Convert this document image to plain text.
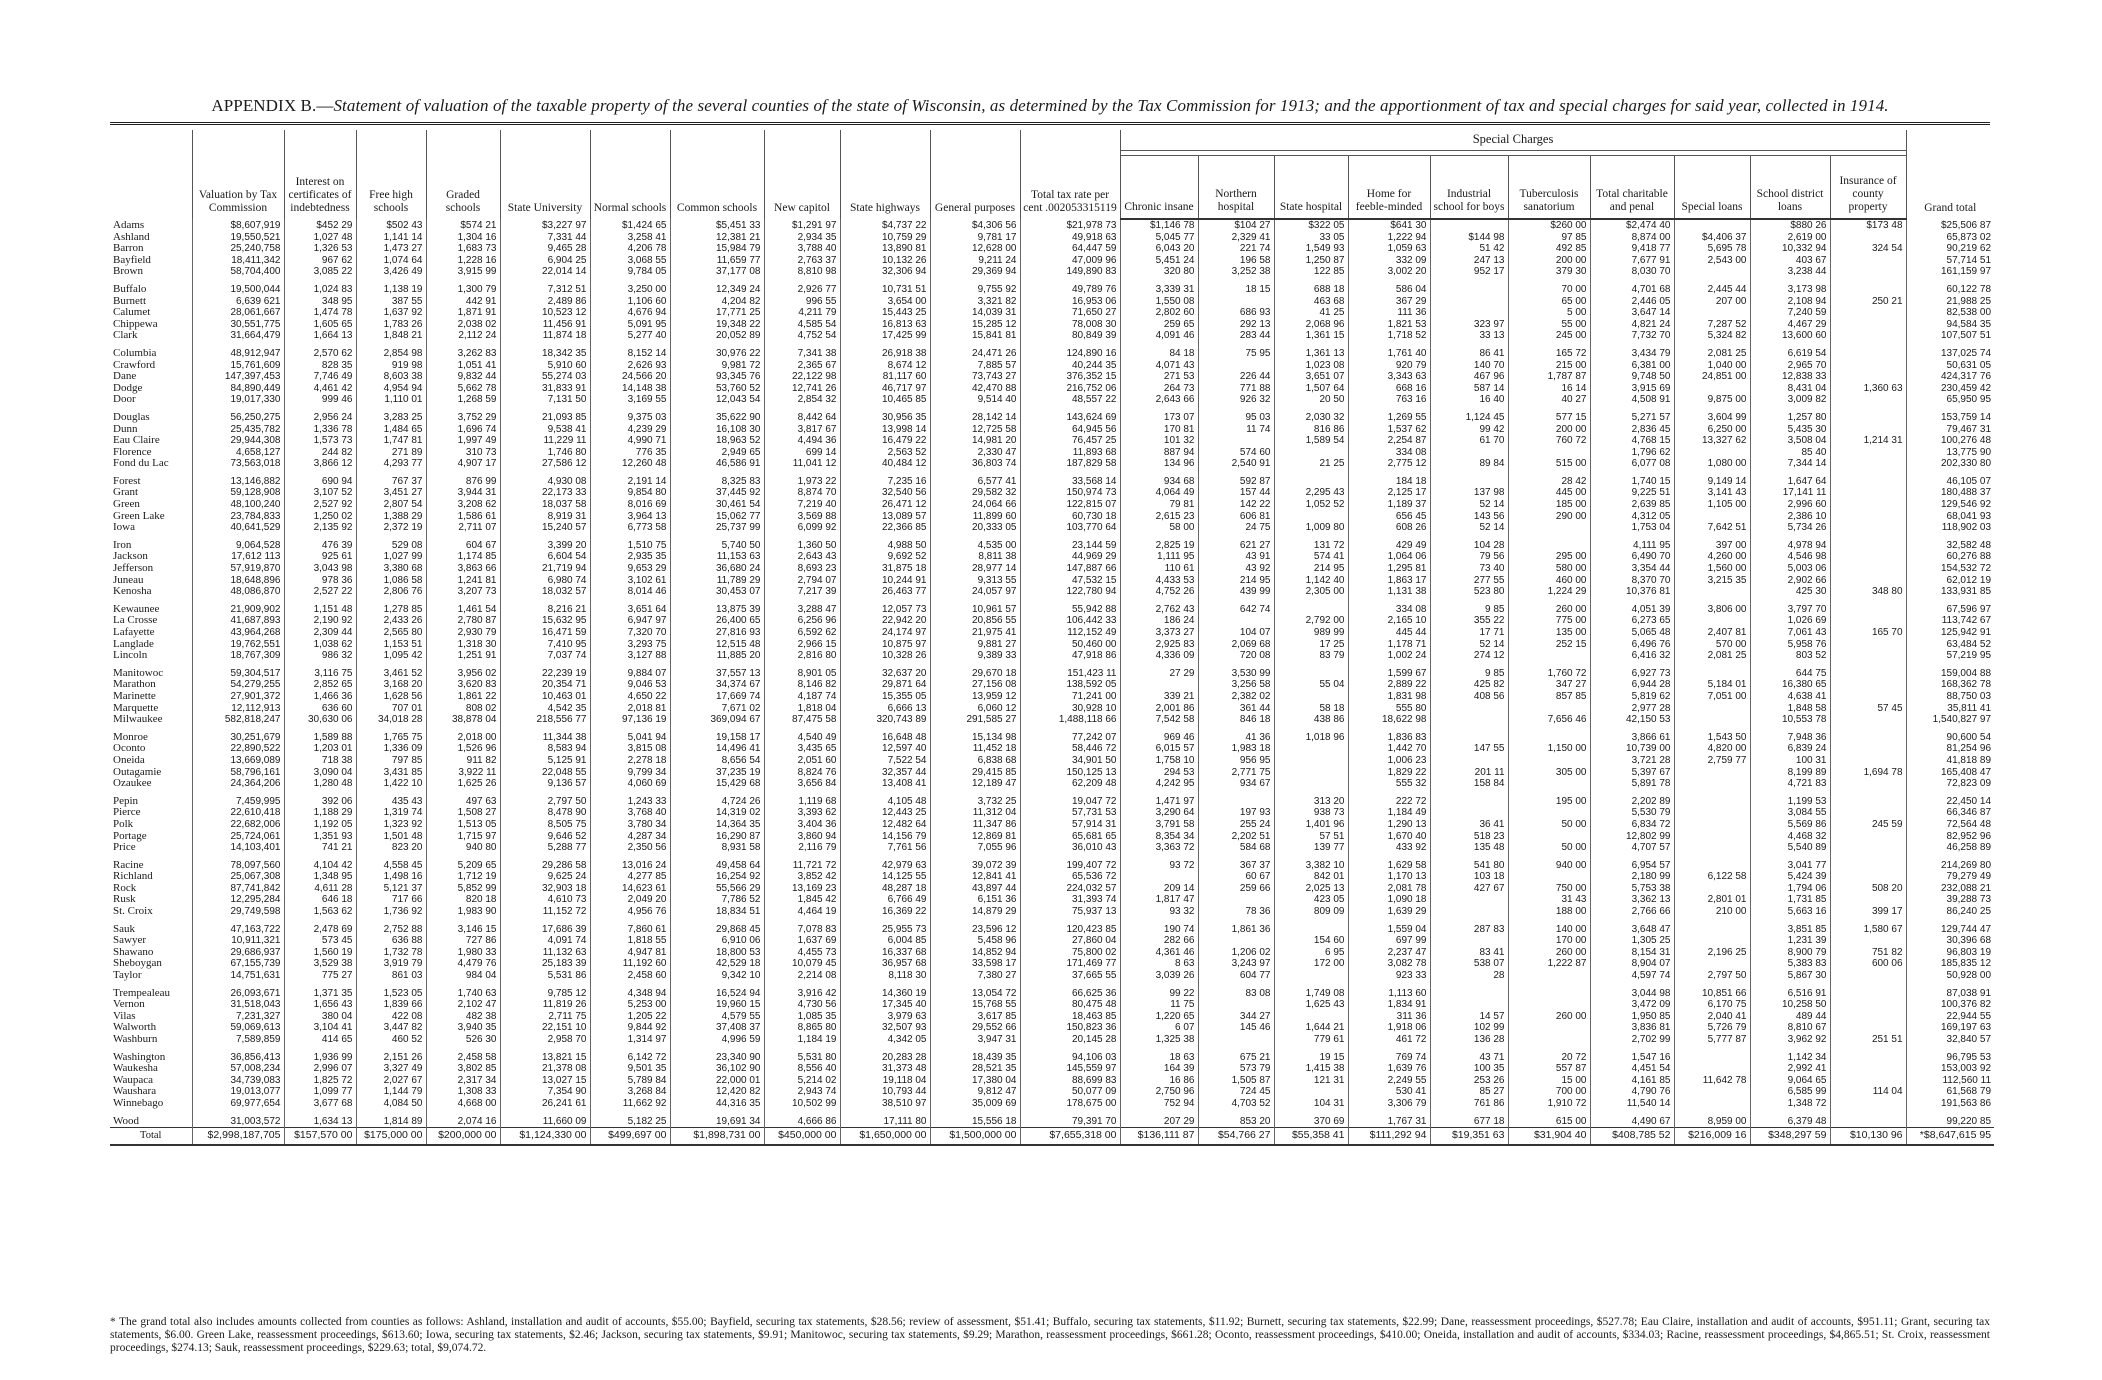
APPENDIX B.—Statement of valuation of the taxable property of the several counties of the state of Wisconsin, as determined by the Tax Commission for 1913; and the apportionment of tax and special charges for said year, collected in 1914.
	Valuation by Tax Commission	Interest on certificates of indebtedness	Free high schools	Graded schools	State University	Normal schools	Common schools	New capitol	State highways	General purposes	Total tax rate per cent .002053315119	Special Charges										Grand total

												Chronic insane	Northern hospital	State hospital	Home for feeble-minded	Industrial school for boys	Tuberculosis sanatorium	Total charitable and penal	Special loans	School district loans	Insurance of county property	
Adams	$8,607,919	$452 29	$502 43	$574 21	$3,227 97	$1,424 65	$5,451 33	$1,291 97	$4,737 22	$4,306 56	$21,978 73	$1,146 78	$104 27	$322 05	$641 30		$260 00	$2,474 40		$880 26	$173 48	$25,506 87
Ashland	19,550,521	1,027 48	1,141 14	1,304 16	7,331 44	3,258 41	12,381 21	2,934 35	10,759 29	9,781 17	49,918 63	5,045 77	2,329 41	33 05	1,222 94	$144 98	97 85	8,874 00	$4,406 37	2,619 00		65,873 02
Barron	25,240,758	1,326 53	1,473 27	1,683 73	9,465 28	4,206 78	15,984 79	3,788 40	13,890 81	12,628 00	64,447 59	6,043 20	221 74	1,549 93	1,059 63	51 42	492 85	9,418 77	5,695 78	10,332 94	324 54	90,219 62
Bayfield	18,411,342	967 62	1,074 64	1,228 16	6,904 25	3,068 55	11,659 77	2,763 37	10,132 26	9,211 24	47,009 96	5,451 24	196 58	1,250 87	332 09	247 13	200 00	7,677 91	2,543 00	403 67		57,714 51
Brown	58,704,400	3,085 22	3,426 49	3,915 99	22,014 14	9,784 05	37,177 08	8,810 98	32,306 94	29,369 94	149,890 83	320 80	3,252 38	122 85	3,002 20	952 17	379 30	8,030 70		3,238 44		161,159 97

Buffalo	19,500,044	1,024 83	1,138 19	1,300 79	7,312 51	3,250 00	12,349 24	2,926 77	10,731 51	9,755 92	49,789 76	3,339 31	18 15	688 18	586 04		70 00	4,701 68	2,445 44	3,173 98		60,122 78
Burnett	6,639 621	348 95	387 55	442 91	2,489 86	1,106 60	4,204 82	996 55	3,654 00	3,321 82	16,953 06	1,550 08		463 68	367 29		65 00	2,446 05	207 00	2,108 94	250 21	21,988 25
Calumet	28,061,667	1,474 78	1,637 92	1,871 91	10,523 12	4,676 94	17,771 25	4,211 79	15,443 25	14,039 31	71,650 27	2,802 60	686 93	41 25	111 36		5 00	3,647 14		7,240 59		82,538 00
Chippewa	30,551,775	1,605 65	1,783 26	2,038 02	11,456 91	5,091 95	19,348 22	4,585 54	16,813 63	15,285 12	78,008 30	259 65	292 13	2,068 96	1,821 53	323 97	55 00	4,821 24	7,287 52	4,467 29		94,584 35
Clark	31,664,479	1,664 13	1,848 21	2,112 24	11,874 18	5,277 40	20,052 89	4,752 54	17,425 99	15,841 81	80,849 39	4,091 46	283 44	1,361 15	1,718 52	33 13	245 00	7,732 70	5,324 82	13,600 60		107,507 51

Columbia	48,912,947	2,570 62	2,854 98	3,262 83	18,342 35	8,152 14	30,976 22	7,341 38	26,918 38	24,471 26	124,890 16	84 18	75 95	1,361 13	1,761 40	86 41	165 72	3,434 79	2,081 25	6,619 54		137,025 74
Crawford	15,761,609	828 35	919 98	1,051 41	5,910 60	2,626 93	9,981 72	2,365 67	8,674 12	7,885 57	40,244 35	4,071 43		1,023 08	920 79	140 70	215 00	6,381 00	1,040 00	2,965 70		50,631 05
Dane	147,397,453	7,746 49	8,603 38	9,832 44	55,274 03	24,566 20	93,345 76	22,122 98	81,117 60	73,743 27	376,352 15	271 53	226 44	3,651 07	3,343 63	467 96	1,787 87	9,748 50	24,851 00	12,838 33		424,317 76
Dodge	84,890,449	4,461 42	4,954 94	5,662 78	31,833 91	14,148 38	53,760 52	12,741 26	46,717 97	42,470 88	216,752 06	264 73	771 88	1,507 64	668 16	587 14	16 14	3,915 69		8,431 04	1,360 63	230,459 42
Door	19,017,330	999 46	1,110 01	1,268 59	7,131 50	3,169 55	12,043 54	2,854 32	10,465 85	9,514 40	48,557 22	2,643 66	926 32	20 50	763 16	16 40	40 27	4,508 91	9,875 00	3,009 82		65,950 95

Douglas	56,250,275	2,956 24	3,283 25	3,752 29	21,093 85	9,375 03	35,622 90	8,442 64	30,956 35	28,142 14	143,624 69	173 07	95 03	2,030 32	1,269 55	1,124 45	577 15	5,271 57	3,604 99	1,257 80		153,759 14
Dunn	25,435,782	1,336 78	1,484 65	1,696 74	9,538 41	4,239 29	16,108 30	3,817 67	13,998 14	12,725 58	64,945 56	170 81	11 74	816 86	1,537 62	99 42	200 00	2,836 45	6,250 00	5,435 30		79,467 31
Eau Claire	29,944,308	1,573 73	1,747 81	1,997 49	11,229 11	4,990 71	18,963 52	4,494 36	16,479 22	14,981 20	76,457 25	101 32		1,589 54	2,254 87	61 70	760 72	4,768 15	13,327 62	3,508 04	1,214 31	100,276 48
Florence	4,658,127	244 82	271 89	310 73	1,746 80	776 35	2,949 65	699 14	2,563 52	2,330 47	11,893 68	887 94	574 60		334 08			1,796 62		85 40		13,775 90
Fond du Lac	73,563,018	3,866 12	4,293 77	4,907 17	27,586 12	12,260 48	46,586 91	11,041 12	40,484 12	36,803 74	187,829 58	134 96	2,540 91	21 25	2,775 12	89 84	515 00	6,077 08	1,080 00	7,344 14		202,330 80

Forest	13,146,882	690 94	767 37	876 99	4,930 08	2,191 14	8,325 83	1,973 22	7,235 16	6,577 41	33,568 14	934 68	592 87		184 18		28 42	1,740 15	9,149 14	1,647 64		46,105 07
Grant	59,128,908	3,107 52	3,451 27	3,944 31	22,173 33	9,854 80	37,445 92	8,874 70	32,540 56	29,582 32	150,974 73	4,064 49	157 44	2,295 43	2,125 17	137 98	445 00	9,225 51	3,141 43	17,141 11		180,488 37
Green	48,100,240	2,527 92	2,807 54	3,208 62	18,037 58	8,016 69	30,461 54	7,219 40	26,471 12	24,064 66	122,815 07	79 81	142 22	1,052 52	1,189 37	52 14	185 00	2,639 85	1,105 00	2,996 60		129,546 92
Green Lake	23,784,833	1,250 02	1,388 29	1,586 61	8,919 31	3,964 13	15,062 77	3,569 88	13,089 57	11,899 60	60,730 18	2,615 23	606 81		656 45	143 56	290 00	4,312 05		2,386 10		68,041 93
Iowa	40,641,529	2,135 92	2,372 19	2,711 07	15,240 57	6,773 58	25,737 99	6,099 92	22,366 85	20,333 05	103,770 64	58 00	24 75	1,009 80	608 26	52 14		1,753 04	7,642 51	5,734 26		118,902 03

Iron	9,064,528	476 39	529 08	604 67	3,399 20	1,510 75	5,740 50	1,360 50	4,988 50	4,535 00	23,144 59	2,825 19	621 27	131 72	429 49	104 28		4,111 95	397 00	4,978 94		32,582 48
Jackson	17,612 113	925 61	1,027 99	1,174 85	6,604 54	2,935 35	11,153 63	2,643 43	9,692 52	8,811 38	44,969 29	1,111 95	43 91	574 41	1,064 06	79 56	295 00	6,490 70	4,260 00	4,546 98		60,276 88
Jefferson	57,919,870	3,043 98	3,380 68	3,863 66	21,719 94	9,653 29	36,680 24	8,693 23	31,875 18	28,977 14	147,887 66	110 61	43 92	214 95	1,295 81	73 40	580 00	3,354 44	1,560 00	5,003 06		154,532 72
Juneau	18,648,896	978 36	1,086 58	1,241 81	6,980 74	3,102 61	11,789 29	2,794 07	10,244 91	9,313 55	47,532 15	4,433 53	214 95	1,142 40	1,863 17	277 55	460 00	8,370 70	3,215 35	2,902 66		62,012 19
Kenosha	48,086,870	2,527 22	2,806 76	3,207 73	18,032 57	8,014 46	30,453 07	7,217 39	26,463 77	24,057 97	122,780 94	4,752 26	439 99	2,305 00	1,131 38	523 80	1,224 29	10,376 81		425 30	348 80	133,931 85

Kewaunee	21,909,902	1,151 48	1,278 85	1,461 54	8,216 21	3,651 64	13,875 39	3,288 47	12,057 73	10,961 57	55,942 88	2,762 43	642 74		334 08	9 85	260 00	4,051 39	3,806 00	3,797 70		67,596 97
La Crosse	41,687,893	2,190 92	2,433 26	2,780 87	15,632 95	6,947 97	26,400 65	6,256 96	22,942 20	20,856 55	106,442 33	186 24		2,792 00	2,165 10	355 22	775 00	6,273 65		1,026 69		113,742 67
Lafayette	43,964,268	2,309 44	2,565 80	2,930 79	16,471 59	7,320 70	27,816 93	6,592 62	24,174 97	21,975 41	112,152 49	3,373 27	104 07	989 99	445 44	17 71	135 00	5,065 48	2,407 81	7,061 43	165 70	125,942 91
Langlade	19,762,551	1,038 62	1,153 51	1,318 30	7,410 95	3,293 75	12,515 48	2,966 15	10,875 97	9,881 27	50,460 00	2,925 83	2,069 68	17 25	1,178 71	52 14	252 15	6,496 76	570 00	5,958 76		63,484 52
Lincoln	18,767,309	986 32	1,095 42	1,251 91	7,037 74	3,127 88	11,885 20	2,816 80	10,328 26	9,389 33	47,918 86	4,336 09	720 08	83 79	1,002 24	274 12		6,416 32	2,081 25	803 52		57,219 95

Manitowoc	59,304,517	3,116 75	3,461 52	3,956 02	22,239 19	9,884 07	37,557 13	8,901 05	32,637 20	29,670 18	151,423 11	27 29	3,530 99		1,599 67	9 85	1,760 72	6,927 73		644 75		159,004 88
Marathon	54,279,255	2,852 65	3,168 20	3,620 83	20,354 71	9,046 53	34,374 67	8,146 82	29,871 64	27,156 08	138,592 05		3,256 58	55 04	2,889 22	425 82	347 27	6,944 28	5,184 01	16,380 65		168,362 78
Marinette	27,901,372	1,466 36	1,628 56	1,861 22	10,463 01	4,650 22	17,669 74	4,187 74	15,355 05	13,959 12	71,241 00	339 21	2,382 02		1,831 98	408 56	857 85	5,819 62	7,051 00	4,638 41		88,750 03
Marquette	12,112,913	636 60	707 01	808 02	4,542 35	2,018 81	7,671 02	1,818 04	6,666 13	6,060 12	30,928 10	2,001 86	361 44	58 18	555 80			2,977 28		1,848 58	57 45	35,811 41
Milwaukee	582,818,247	30,630 06	34,018 28	38,878 04	218,556 77	97,136 19	369,094 67	87,475 58	320,743 89	291,585 27	1,488,118 66	7,542 58	846 18	438 86	18,622 98		7,656 46	42,150 53		10,553 78		1,540,827 97

Monroe	30,251,679	1,589 88	1,765 75	2,018 00	11,344 38	5,041 94	19,158 17	4,540 49	16,648 48	15,134 98	77,242 07	969 46	41 36	1,018 96	1,836 83			3,866 61	1,543 50	7,948 36		90,600 54
Oconto	22,890,522	1,203 01	1,336 09	1,526 96	8,583 94	3,815 08	14,496 41	3,435 65	12,597 40	11,452 18	58,446 72	6,015 57	1,983 18		1,442 70	147 55	1,150 00	10,739 00	4,820 00	6,839 24		81,254 96
Oneida	13,669,089	718 38	797 85	911 82	5,125 91	2,278 18	8,656 54	2,051 60	7,522 54	6,838 68	34,901 50	1,758 10	956 95		1,006 23			3,721 28	2,759 77	100 31		41,818 89
Outagamie	58,796,161	3,090 04	3,431 85	3,922 11	22,048 55	9,799 34	37,235 19	8,824 76	32,357 44	29,415 85	150,125 13	294 53	2,771 75		1,829 22	201 11	305 00	5,397 67		8,199 89	1,694 78	165,408 47
Ozaukee	24,364,206	1,280 48	1,422 10	1,625 26	9,136 57	4,060 69	15,429 68	3,656 84	13,408 41	12,189 47	62,209 48	4,242 95	934 67		555 32	158 84		5,891 78		4,721 83		72,823 09

Pepin	7,459,995	392 06	435 43	497 63	2,797 50	1,243 33	4,724 26	1,119 68	4,105 48	3,732 25	19,047 72	1,471 97		313 20	222 72		195 00	2,202 89		1,199 53		22,450 14
Pierce	22,610,418	1,188 29	1,319 74	1,508 27	8,478 90	3,768 40	14,319 02	3,393 62	12,443 25	11,312 04	57,731 53	3,290 64	197 93	938 73	1,184 49			5,530 79		3,084 55		66,346 87
Polk	22,682,006	1,192 05	1,323 92	1,513 05	8,505 75	3,780 34	14,364 35	3,404 36	12,482 64	11,347 86	57,914 31	3,791 58	255 24	1,401 96	1,290 13	36 41	50 00	6,834 72		5,569 86	245 59	72,564 48
Portage	25,724,061	1,351 93	1,501 48	1,715 97	9,646 52	4,287 34	16,290 87	3,860 94	14,156 79	12,869 81	65,681 65	8,354 34	2,202 51	57 51	1,670 40	518 23		12,802 99		4,468 32		82,952 96
Price	14,103,401	741 21	823 20	940 80	5,288 77	2,350 56	8,931 58	2,116 79	7,761 56	7,055 96	36,010 43	3,363 72	584 68	139 77	433 92	135 48	50 00	4,707 57		5,540 89		46,258 89

Racine	78,097,560	4,104 42	4,558 45	5,209 65	29,286 58	13,016 24	49,458 64	11,721 72	42,979 63	39,072 39	199,407 72	93 72	367 37	3,382 10	1,629 58	541 80	940 00	6,954 57		3,041 77		214,269 80
Richland	25,067,308	1,348 95	1,498 16	1,712 19	9,625 24	4,277 85	16,254 92	3,852 42	14,125 55	12,841 41	65,536 72		60 67	842 01	1,170 13	103 18		2,180 99	6,122 58	5,424 39		79,279 49
Rock	87,741,842	4,611 28	5,121 37	5,852 99	32,903 18	14,623 61	55,566 29	13,169 23	48,287 18	43,897 44	224,032 57	209 14	259 66	2,025 13	2,081 78	427 67	750 00	5,753 38		1,794 06	508 20	232,088 21
Rusk	12,295,284	646 18	717 66	820 18	4,610 73	2,049 20	7,786 52	1,845 42	6,766 49	6,151 36	31,393 74	1,817 47		423 05	1,090 18		31 43	3,362 13	2,801 01	1,731 85		39,288 73
St. Croix	29,749,598	1,563 62	1,736 92	1,983 90	11,152 72	4,956 76	18,834 51	4,464 19	16,369 22	14,879 29	75,937 13	93 32	78 36	809 09	1,639 29		188 00	2,766 66	210 00	5,663 16	399 17	86,240 25

Sauk	47,163,722	2,478 69	2,752 88	3,146 15	17,686 39	7,860 61	29,868 45	7,078 83	25,955 73	23,596 12	120,423 85	190 74	1,861 36		1,559 04	287 83	140 00	3,648 47		3,851 85	1,580 67	129,744 47
Sawyer	10,911,321	573 45	636 88	727 86	4,091 74	1,818 55	6,910 06	1,637 69	6,004 85	5,458 96	27,860 04	282 66		154 60	697 99		170 00	1,305 25		1,231 39		30,396 68
Shawano	29,686,937	1,560 19	1,732 78	1,980 33	11,132 63	4,947 81	18,800 53	4,455 73	16,337 68	14,852 94	75,800 02	4,361 46	1,206 02	6 95	2,237 47	83 41	260 00	8,154 31	2,196 25	8,900 79	751 82	96,803 19
Sheboygan	67,155,739	3,529 38	3,919 79	4,479 76	25,183 39	11,192 60	42,529 18	10,079 45	36,957 68	33,598 17	171,469 77	8 63	3,243 97	172 00	3,082 78	538 07	1,222 87	8,904 07		5,383 83	600 06	185,835 12
Taylor	14,751,631	775 27	861 03	984 04	5,531 86	2,458 60	9,342 10	2,214 08	8,118 30	7,380 27	37,665 55	3,039 26	604 77		923 33	28		4,597 74	2,797 50	5,867 30		50,928 00

Trempealeau	26,093,671	1,371 35	1,523 05	1,740 63	9,785 12	4,348 94	16,524 94	3,916 42	14,360 19	13,054 72	66,625 36	99 22	83 08	1,749 08	1,113 60			3,044 98	10,851 66	6,516 91		87,038 91
Vernon	31,518,043	1,656 43	1,839 66	2,102 47	11,819 26	5,253 00	19,960 15	4,730 56	17,345 40	15,768 55	80,475 48	11 75		1,625 43	1,834 91			3,472 09	6,170 75	10,258 50		100,376 82
Vilas	7,231,327	380 04	422 08	482 38	2,711 75	1,205 22	4,579 55	1,085 35	3,979 63	3,617 85	18,463 85	1,220 65	344 27		311 36	14 57	260 00	1,950 85	2,040 41	489 44		22,944 55
Walworth	59,069,613	3,104 41	3,447 82	3,940 35	22,151 10	9,844 92	37,408 37	8,865 80	32,507 93	29,552 66	150,823 36	6 07	145 46	1,644 21	1,918 06	102 99		3,836 81	5,726 79	8,810 67		169,197 63
Washburn	7,589,859	414 65	460 52	526 30	2,958 70	1,314 97	4,996 59	1,184 19	4,342 05	3,947 31	20,145 28	1,325 38		779 61	461 72	136 28		2,702 99	5,777 87	3,962 92	251 51	32,840 57

Washington	36,856,413	1,936 99	2,151 26	2,458 58	13,821 15	6,142 72	23,340 90	5,531 80	20,283 28	18,439 35	94,106 03	18 63	675 21	19 15	769 74	43 71	20 72	1,547 16		1,142 34		96,795 53
Waukesha	57,008,234	2,996 07	3,327 49	3,802 85	21,378 08	9,501 35	36,102 90	8,556 40	31,373 48	28,521 35	145,559 97	164 39	573 79	1,415 38	1,639 76	100 35	557 87	4,451 54		2,992 41		153,003 92
Waupaca	34,739,083	1,825 72	2,027 67	2,317 34	13,027 15	5,789 84	22,000 01	5,214 02	19,118 04	17,380 04	88,699 83	16 86	1,505 87	121 31	2,249 55	253 26	15 00	4,161 85	11,642 78	9,064 65		112,560 11
Waushara	19,013,077	1,099 77	1,144 79	1,308 33	7,354 90	3,268 84	12,420 82	2,943 74	10,793 44	9,812 47	50,077 09	2,750 96	724 45		530 41	85 27	700 00	4,790 76		6,585 99	114 04	61,568 79
Winnebago	69,977,654	3,677 68	4,084 50	4,668 00	26,241 61	11,662 92	44,316 35	10,502 99	38,510 97	35,009 69	178,675 00	752 94	4,703 52	104 31	3,306 79	761 86	1,910 72	11,540 14		1,348 72		191,563 86

Wood	31,003,572	1,634 13	1,814 89	2,074 16	11,660 09	5,182 25	19,691 34	4,666 86	17,111 80	15,556 18	79,391 70	207 29	853 20	370 69	1,767 31	677 18	615 00	4,490 67	8,959 00	6,379 48		99,220 85
Total	$2,998,187,705	$157,570 00	$175,000 00	$200,000 00	$1,124,330 00	$499,697 00	$1,898,731 00	$450,000 00	$1,650,000 00	$1,500,000 00	$7,655,318 00	$136,111 87	$54,766 27	$55,358 41	$111,292 94	$19,351 63	$31,904 40	$408,785 52	$216,009 16	$348,297 59	$10,130 96	*$8,647,615 95
* The grand total also includes amounts collected from counties as follows: Ashland, installation and audit of accounts, $55.00; Bayfield, securing tax statements, $28.56; review of assessment, $51.41; Buffalo, securing tax statements, $11.92; Burnett, securing tax statements, $22.99; Dane, reassessment proceedings, $527.78; Eau Claire, installation and audit of accounts, $951.11; Grant, securing tax statements, $6.00. Green Lake, reassessment proceedings, $613.60; Iowa, securing tax statements, $2.46; Jackson, securing tax statements, $9.91; Manitowoc, securing tax statements, $9.29; Marathon, reassessment proceedings, $661.28; Oconto, reassessment proceedings, $410.00; Oneida, installation and audit of accounts, $334.03; Racine, reassessment proceedings, $4,865.51; St. Croix, reassessment proceedings, $274.13; Sauk, reassessment proceedings, $229.63; total, $9,074.72.
